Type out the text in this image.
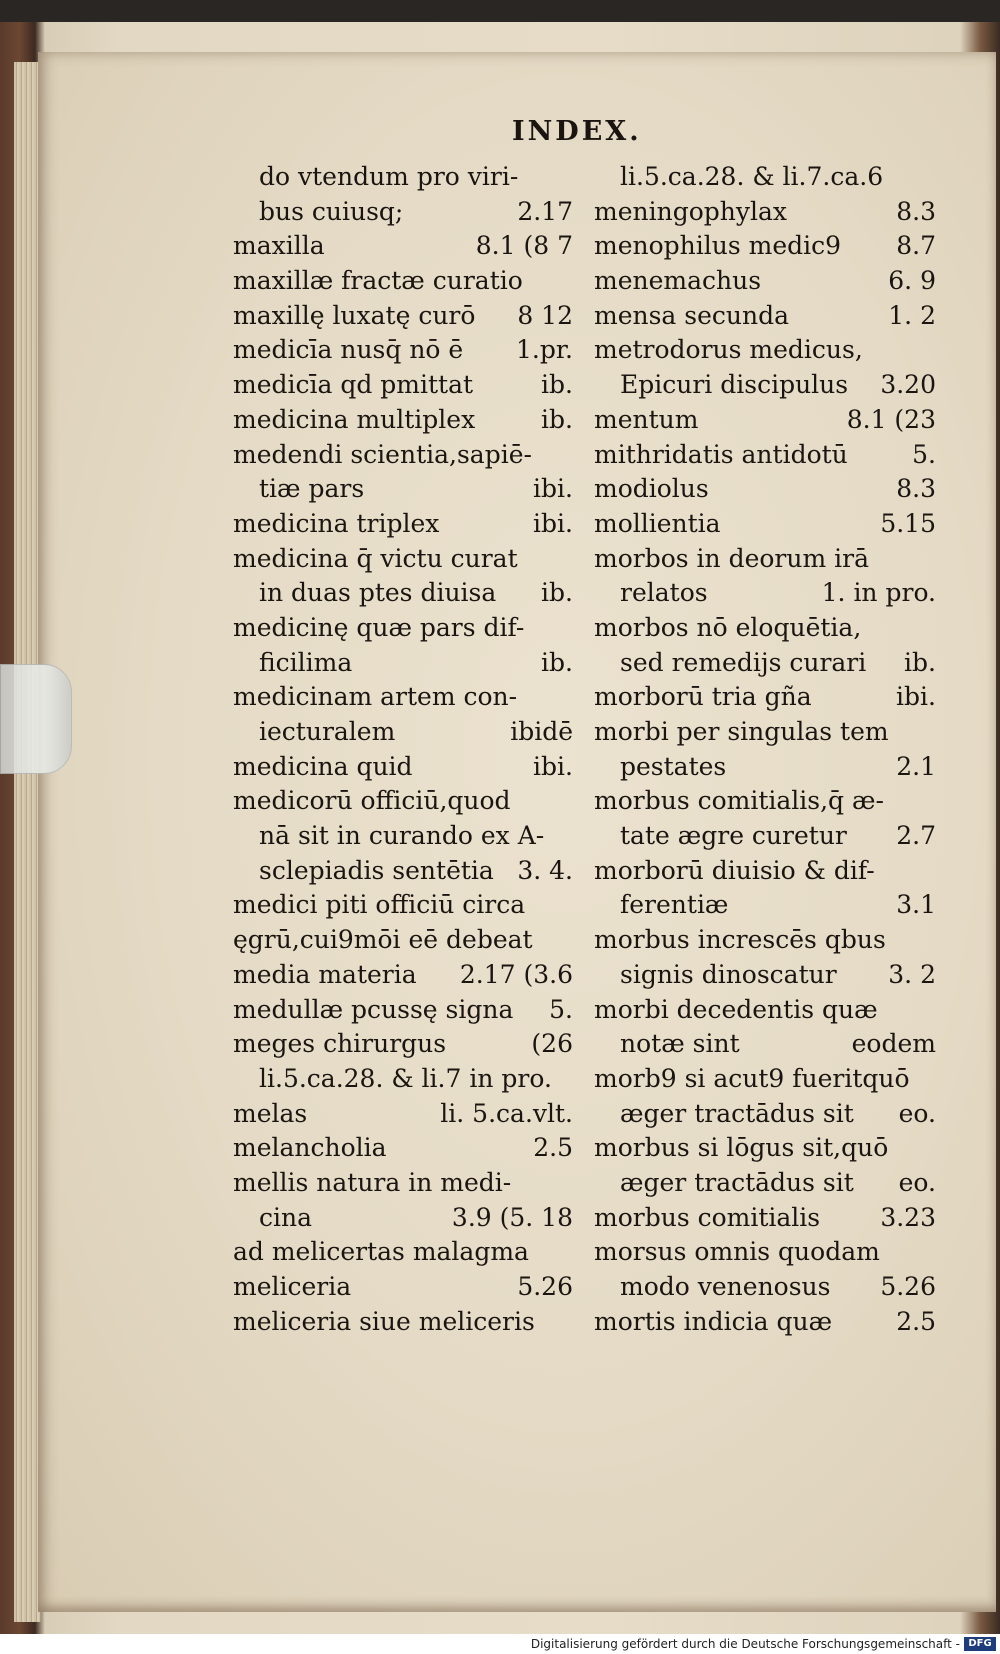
INDEX.
do vtendum pro viri-
bus cuiusq;	2.17
maxilla	8.1 (8 7
maxillæ fractæ curatio
maxillę luxatę curō	8 12
medicīa nusq̄ nō ē	1.pr.
medicīa qd pmittat	ib.
medicina multiplex	ib.
medendi scientia,sapiē-
tiæ pars	ibi.
medicina triplex	ibi.
medicina q̄ victu curat
in duas ptes diuisa	ib.
medicinę quæ pars dif-
ficilima	ib.
medicinam artem con-
iecturalem	ibidē
medicina quid	ibi.
medicorū officiū,quod
nā sit in curando ex A-
sclepiadis sentētia 3. 4.
medici piti officiū circa
ęgrū,cui9mōi eē debeat
media materia	2.17 (3.6
medullæ pcussę signa	5.
meges chirurgus	(26
li.5.ca.28. & li.7 in pro.
melas	li. 5.ca.vlt.
melancholia	2.5
mellis natura in medi-
cina	3.9 (5. 18
ad melicertas malagma
meliceria	5.26
meliceria siue meliceris
li.5.ca.28. & li.7.ca.6
meningophylax	8.3
menophilus medic9	8.7
menemachus	6. 9
mensa secunda	1. 2
metrodorus medicus,
Epicuri discipulus	3.20
mentum	8.1 (23
mithridatis antidotū	5.
modiolus	8.3
mollientia	5.15
morbos in deorum irā
relatos	1. in pro.
morbos nō eloquētia,
sed remedijs curari	ib.
morborū tria gña	ibi.
morbi per singulas tem
pestates	2.1
morbus comitialis,q̄ æ-
tate ægre curetur	2.7
morborū diuisio & dif-
ferentiæ	3.1
morbus increscēs qbus
signis dinoscatur	3. 2
morbi decedentis quæ
notæ sint	eodem
morb9 si acut9 fueritquō
æger tractādus sit	eo.
morbus si lōgus sit,quō
æger tractādus sit	eo.
morbus comitialis	3.23
morsus omnis quodam
modo venenosus	5.26
mortis indicia quæ	2.5
Digitalisierung gefördert durch die Deutsche Forschungsgemeinschaft - DFG
